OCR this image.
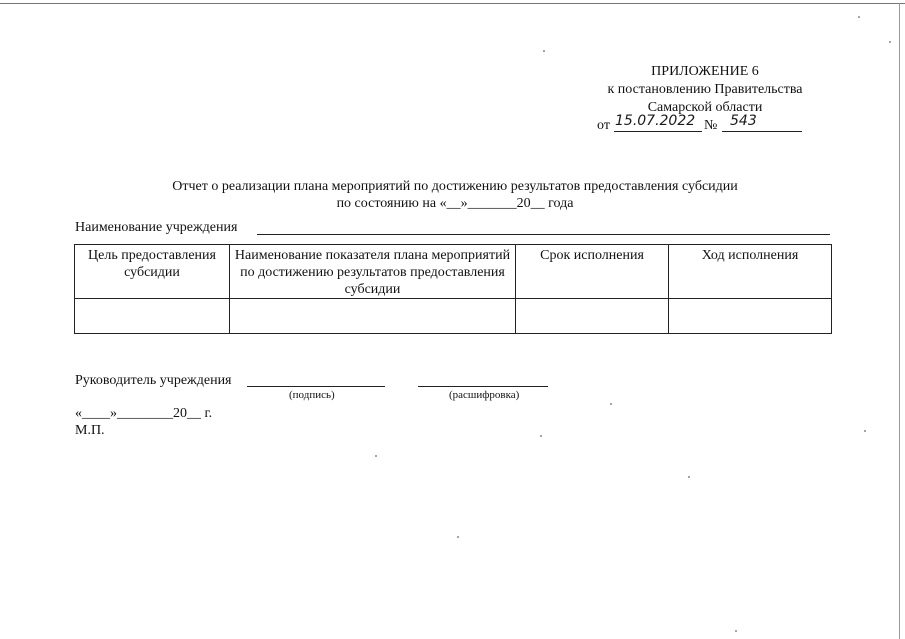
ПРИЛОЖЕНИЕ 6
к постановлению Правительства
Самарской области
от 15.07.2022 № 543
Отчет о реализации плана мероприятий по достижению результатов предоставления субсидии
по состоянию на «__»_______20__ года
Наименование учреждения
Цель предоставления субсидии	Наименование показателя плана мероприятий по достижению результатов предоставления субсидии	Срок исполнения	Ход исполнения

Руководитель учреждения
(подпись)	(расшифровка)
«____»________20__ г.
М.П.
